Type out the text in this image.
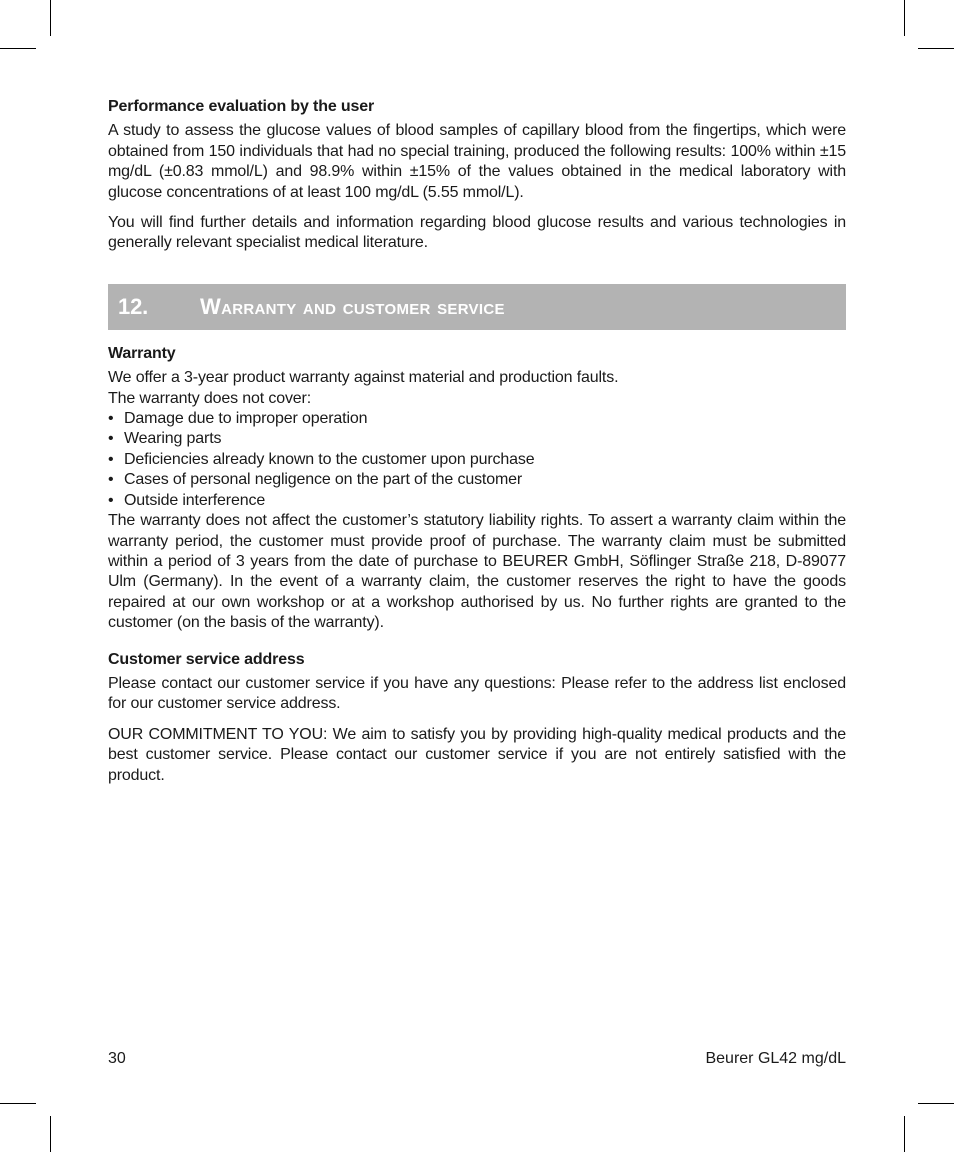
Performance evaluation by the user

A study to assess the glucose values of blood samples of capillary blood from the fingertips, which were obtained from 150 individuals that had no special training, produced the following results: 100% within ±15 mg/dL (±0.83 mmol/L) and 98.9% within ±15% of the values obtained in the medical laboratory with glucose concentrations of at least 100 mg/dL (5.55 mmol/L).

You will find further details and information regarding blood glucose results and various technologies in generally relevant specialist medical literature.

12.	Warranty and customer service
Warranty

We offer a 3-year product warranty against material and production faults.

The warranty does not cover:

• Damage due to improper operation
• Wearing parts
• Deficiencies already known to the customer upon purchase
• Cases of personal negligence on the part of the customer
• Outside interference

The warranty does not affect the customer’s statutory liability rights. To assert a warranty claim within the warranty period, the customer must provide proof of purchase. The warranty claim must be submitted within a period of 3 years from the date of purchase to BEURER GmbH, Söflinger Straße 218, D-89077 Ulm (Germany). In the event of a warranty claim, the customer reserves the right to have the goods repaired at our own workshop or at a workshop authorised by us. No further rights are granted to the customer (on the basis of the warranty).

Customer service address

Please contact our customer service if you have any questions: Please refer to the address list enclosed for our customer service address.

OUR COMMITMENT TO YOU: We aim to satisfy you by providing high-quality medical products and the best customer service. Please contact our customer service if you are not entirely satisfied with the product.

30	Beurer GL42 mg/dL
